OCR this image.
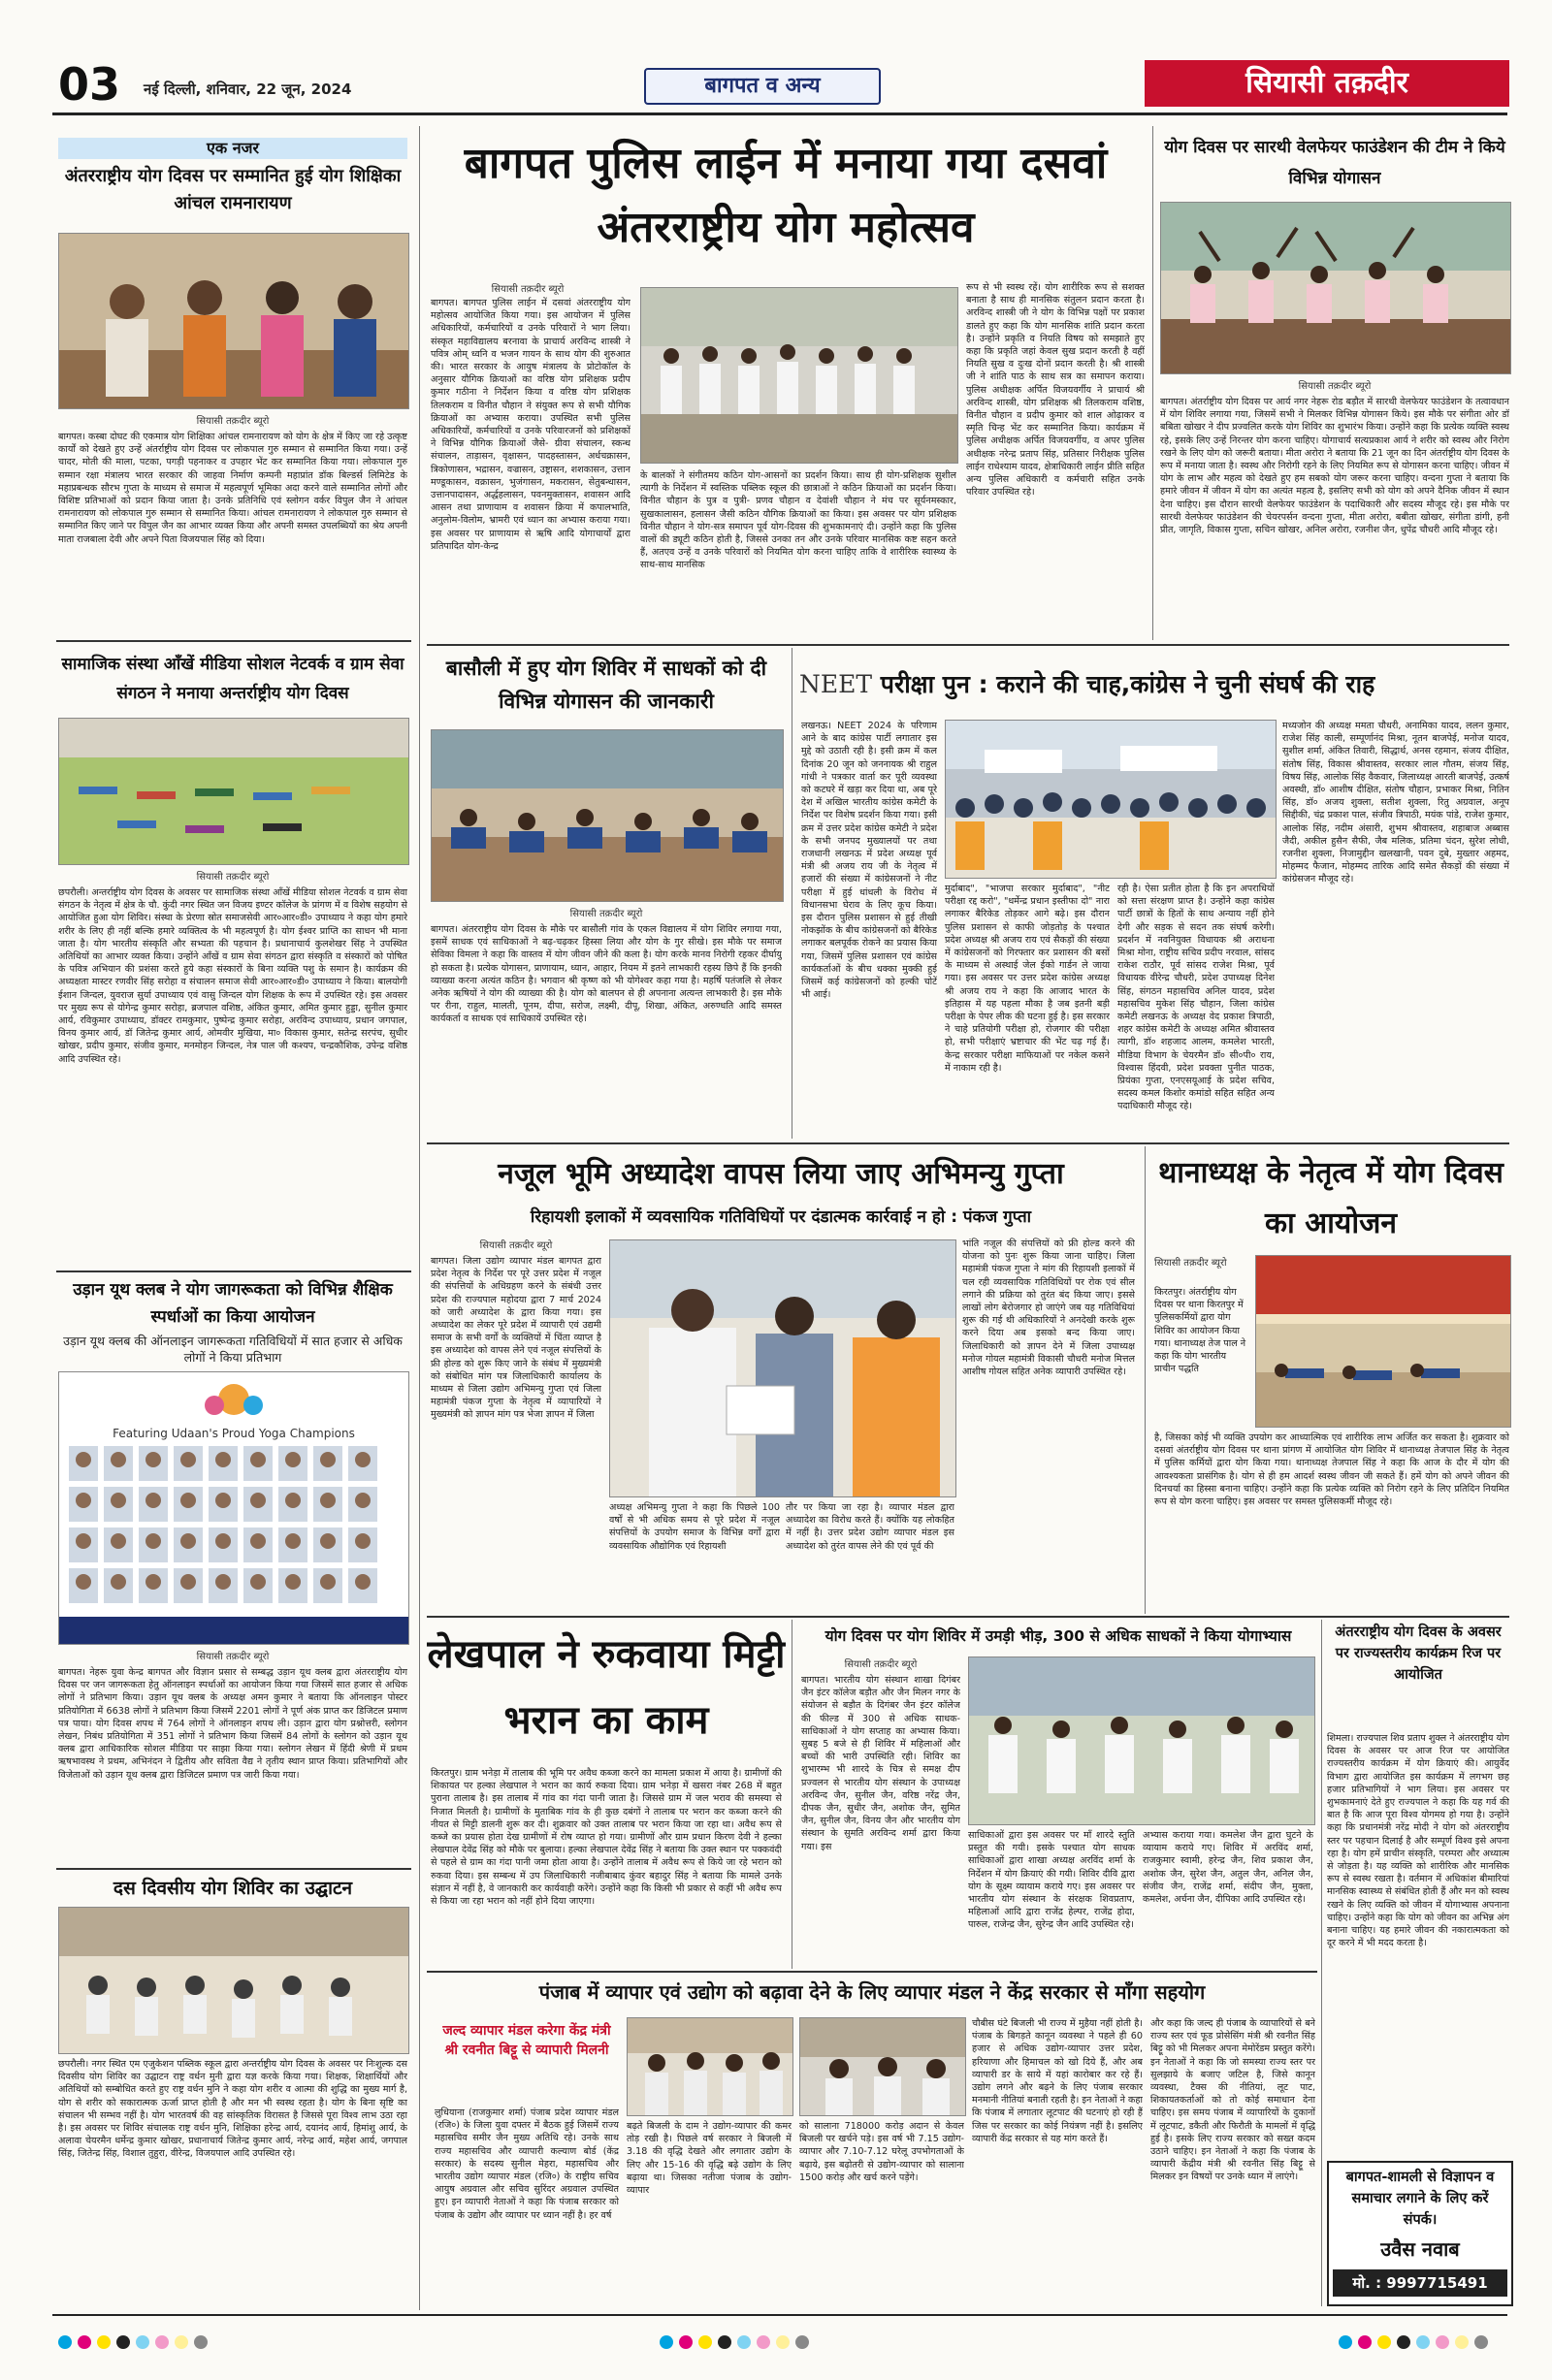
03 नई दिल्ली, शनिवार, 22 जून, 2024	बागपत व अन्य	सियासी तक़दीर
एक नजर
अंतरराष्ट्रीय योग दिवस पर सम्मानित हुई योग शिक्षिका आंचल रामनारायण
सियासी तक़दीर ब्यूरो
बागपत। कस्बा दोघट की एकमात्र योग शिक्षिका आंचल रामनारायण को योग के क्षेत्र में किए जा रहे उत्कृष्ट कार्यों को देखते हुए उन्हें अंतर्राष्ट्रीय योग दिवस पर लोकपाल गुरु सम्मान से सम्मानित किया गया। उन्हें चादर, मोती की माला, पटका, पगड़ी पहनाकर व उपहार भेंट कर सम्मानित किया गया। लोकपाल गुरु सम्मान रक्षा मंत्रालय भारत सरकार की जाहवा निर्माण कम्पनी महाप्रांत डॉक बिल्डर्स लिमिटेड के महाप्रबन्धक सौरभ गुप्ता के माध्यम से समाज में महत्वपूर्ण भूमिका अदा करने वाले सम्मानित लोगों और विशिष्ट प्रतिभाओं को प्रदान किया जाता है। उनके प्रतिनिधि एवं स्लोगन वर्कर विपुल जैन ने आंचल रामनारायण को लोकपाल गुरु सम्मान से सम्मानित किया। आंचल रामनारायण ने लोकपाल गुरु सम्मान से सम्मानित किए जाने पर विपुल जैन का आभार व्यक्त किया और अपनी समस्त उपलब्धियों का श्रेय अपनी माता राजबाला देवी और अपने पिता विजयपाल सिंह को दिया।
सामाजिक संस्था आँखें मीडिया सोशल नेटवर्क व ग्राम सेवा संगठन ने मनाया अन्तर्राष्ट्रीय योग दिवस
सियासी तक़दीर ब्यूरो
छपरौली। अन्तर्राष्ट्रीय योग दिवस के अवसर पर सामाजिक संस्था आँखें मीडिया सोशल नेटवर्क व ग्राम सेवा संगठन के नेतृत्व में क्षेत्र के चौ. कुंदी नगर स्थित जन विजय इण्टर कॉलेज के प्रांगण में व विशेष सहयोग से आयोजित हुआ योग शिविर। संस्था के प्रेरणा स्रोत समाजसेवी आर०आर०डी० उपाध्याय ने कहा योग हमारे शरीर के लिए ही नहीं बल्कि हमारे व्यक्तित्व के भी महत्वपूर्ण है। योग ईश्वर प्राप्ति का साधन भी माना जाता है। योग भारतीय संस्कृति और सभ्यता की पहचान है। प्रधानाचार्य कुलशेखर सिंह ने उपस्थित अतिथियों का आभार व्यक्त किया। उन्होंने आँखें व ग्राम सेवा संगठन द्वारा संस्कृति व संस्कारों को पोषित के पवित्र अभियान की प्रशंसा करते हुये कहा संस्कारों के बिना व्यक्ति पशु के समान है। कार्यक्रम की अध्यक्षता मास्टर रणवीर सिंह सरोहा व संचालन समाज सेवी आर०आर०डी० उपाध्याय ने किया। बालयोगी ईशान जिन्दल, युवराज सुर्या उपाध्याय एवं वासु जिन्दल योग शिक्षक के रूप में उपस्थित रहे। इस अवसर पर मुख्य रूप से योगेन्द्र कुमार सरोहा, ब्रजपाल वशिष्ठ, अंकित कुमार, अमित कुमार हुड्डा, सुनील कुमार आर्य, रविकुमार उपाध्याय, डॉक्टर रामकुमार, पुष्पेन्द्र कुमार सरोहा, अरविन्द उपाध्याय, प्रधान जगपाल, विनय कुमार आर्य, डॉ जितेन्द्र कुमार आर्य, ओमवीर मुखिया, मा० विकास कुमार, सतेन्द्र सरपंच, सुधीर खोखर, प्रदीप कुमार, संजीव कुमार, मनमोहन जिन्दल, नेत्र पाल जी कश्यप, चन्द्रकौशिक, उपेन्द्र वशिष्ठ आदि उपस्थित रहे।
उड़ान यूथ क्लब ने योग जागरूकता को विभिन्न शैक्षिक स्पर्धाओं का किया आयोजन
उड़ान यूथ क्लब की ऑनलाइन जागरूकता गतिविधियों में सात हजार से अधिक लोगों ने किया प्रतिभाग
Featuring Udaan's Proud Yoga Champions
सियासी तक़दीर ब्यूरो
बागपत। नेहरू युवा केन्द्र बागपत और विज्ञान प्रसार से सम्बद्ध उड़ान यूथ क्लब द्वारा अंतरराष्ट्रीय योग दिवस पर जन जागरूकता हेतु ऑनलाइन स्पर्धाओं का आयोजन किया गया जिसमें सात हजार से अधिक लोगों ने प्रतिभाग किया। उड़ान यूथ क्लब के अध्यक्ष अमन कुमार ने बताया कि ऑनलाइन पोस्टर प्रतियोगिता में 6638 लोगों ने प्रतिभाग किया जिसमें 2201 लोगों ने पूर्ण अंक प्राप्त कर डिजिटल प्रमाण पत्र पाया। योग दिवस शपथ में 764 लोगों ने ऑनलाइन शपथ ली। उड़ान द्वारा योग प्रश्नोत्तरी, स्लोगन लेखन, निबंध प्रतियोगिता में 351 लोगों ने प्रतिभाग किया जिसमें 84 लोगों के स्लोगन को उड़ान यूथ क्लब द्वारा आधिकारिक सोशल मीडिया पर साझा किया गया। स्लोगन लेखन में हिंदी श्रेणी में प्रथम ऋषभावस्थ ने प्रथम, अभिनंदन ने द्वितीय और सविता वैद्य ने तृतीय स्थान प्राप्त किया। प्रतिभागियों और विजेताओं को उड़ान यूथ क्लब द्वारा डिजिटल प्रमाण पत्र जारी किया गया।
दस दिवसीय योग शिविर का उद्घाटन
छपरौली। नगर स्थित एम एजुकेशन पब्लिक स्कूल द्वारा अन्तर्राष्ट्रीय योग दिवस के अवसर पर निःशुल्क दस दिवसीय योग शिविर का उद्घाटन राष्ट्र वर्धन मुनी द्वारा यज्ञ करके किया गया। शिक्षक, शिक्षार्थियों और अतिथियों को सम्बोधित करते हुए राष्ट्र वर्धन मुनि ने कहा योग शरीर व आत्मा की शुद्धि का मुख्य मार्ग है, योग से शरीर को सकारात्मक ऊर्जा प्राप्त होती है और मन भी स्वस्थ रहता है। योग के बिना सृष्टि का संचालन भी सम्भव नहीं है। योग भारतवर्ष की वह सांस्कृतिक विरासत है जिससे पूरा विश्व लाभ उठा रहा है। इस अवसर पर शिविर संचालक राष्ट्र वर्धन मुनि, शिक्षिका हरेन्द्र आर्य, दयानंद आर्य, हिमांशु आर्य, के अलावा चेयरमैन धर्मेन्द्र कुमार खोखर, प्रधानाचार्य जितेन्द्र कुमार आर्य, नरेन्द्र आर्य, महेश आर्य, जगपाल सिंह, जितेन्द्र सिंह, विशाल तुहुरा, वीरेन्द्र, विजयपाल आदि उपस्थित रहे।
बागपत पुलिस लाईन में मनाया गया दसवां अंतरराष्ट्रीय योग महोत्सव
सियासी तक़दीर ब्यूरो
बागपत। बागपत पुलिस लाईन में दसवां अंतरराष्ट्रीय योग महोत्सव आयोजित किया गया। इस आयोजन में पुलिस अधिकारियों, कर्मचारियों व उनके परिवारों ने भाग लिया। संस्कृत महाविद्यालय बरनावा के प्राचार्य अरविन्द शास्त्री ने पवित्र ओम् ध्वनि व भजन गायन के साथ योग की शुरुआत की। भारत सरकार के आयुष मंत्रालय के प्रोटोकॉल के अनुसार यौगिक क्रियाओं का वरिष्ठ योग प्रशिक्षक प्रदीप कुमार गठीना ने निर्देशन किया व वरिष्ठ योग प्रशिक्षक तिलकराम व विनीत चौहान ने संयुक्त रूप से सभी यौगिक क्रियाओं का अभ्यास कराया। उपस्थित सभी पुलिस अधिकारियों, कर्मचारियों व उनके परिवारजनों को प्रशिक्षकों ने विभिन्न यौगिक क्रियाओं जैसे- ग्रीवा संचालन, स्कन्ध संचालन, ताड़ासन, वृक्षासन, पादहस्तासन, अर्धचक्रासन, त्रिकोणासन, भद्रासन, वज्रासन, उष्ट्रासन, शशकासन, उत्तान मण्डूकासन, वक्रासन, भुजंगासन, मकरासन, सेतुबन्धासन, उत्तानपादासन, अर्द्धहलासन, पवनमुक्तासन, शवासन आदि आसन तथा प्राणायाम व शवासन क्रिया में कपालभाति, अनुलोम-विलोम, भ्रामरी एवं ध्यान का अभ्यास कराया गया। इस अवसर पर प्राणायाम से ऋषि आदि योगाचार्यों द्वारा प्रतिपादित योग-केन्द्र
के बालकों ने संगीतमय कठिन योग-आसनों का प्रदर्शन किया। साथ ही योग-प्रशिक्षक सुशील त्यागी के निर्देशन में स्वस्तिक पब्लिक स्कूल की छात्राओं ने कठिन क्रियाओं का प्रदर्शन किया। विनीत चौहान के पुत्र व पुत्री- प्रणव चौहान व देवांशी चौहान ने मंच पर सूर्यनमस्कार, सुखकालासन, हलासन जैसी कठिन यौगिक क्रियाओं का किया। इस अवसर पर योग प्रशिक्षक विनीत चौहान ने योग-सत्र समापन पूर्व योग-दिवस की शुभकामनाएं दी। उन्होंने कहा कि पुलिस वालों की ड्यूटी कठिन होती है, जिससे उनका तन और उनके परिवार मानसिक कष्ट सहन करते हैं, अतएव उन्हें व उनके परिवारों को नियमित योग करना चाहिए ताकि वे शारीरिक स्वास्थ्य के साथ-साथ मानसिक
रूप से भी स्वस्थ रहें। योग शारीरिक रूप से सशक्त बनाता है साथ ही मानसिक संतुलन प्रदान करता है। अरविन्द शास्त्री जी ने योग के विभिन्न पक्षों पर प्रकाश डालते हुए कहा कि योग मानसिक शांति प्रदान करता है। उन्होंने प्रकृति व नियति विषय को समझाते हुए कहा कि प्रकृति जहां केवल सुख प्रदान करती है वहीं नियति सुख व दुःख दोनों प्रदान करती है। श्री शास्त्री जी ने शांति पाठ के साथ सत्र का समापन कराया। पुलिस अधीक्षक अर्पित विजयवर्गीय ने प्राचार्य श्री अरविन्द शास्त्री, योग प्रशिक्षक श्री तिलकराम वशिष्ठ, विनीत चौहान व प्रदीप कुमार को शाल ओढ़ाकर व स्मृति चिन्ह भेंट कर सम्मानित किया। कार्यक्रम में पुलिस अधीक्षक अर्पित विजयवर्गीय, व अपर पुलिस अधीक्षक नरेन्द्र प्रताप सिंह, प्रतिसार निरीक्षक पुलिस लाईन राधेश्याम यादव, क्षेत्राधिकारी लाईन प्रीति सहित अन्य पुलिस अधिकारी व कर्मचारी सहित उनके परिवार उपस्थित रहे।
योग दिवस पर सारथी वेलफेयर फाउंडेशन की टीम ने किये विभिन्न योगासन
सियासी तक़दीर ब्यूरो
बागपत। अंतर्राष्ट्रीय योग दिवस पर आर्य नगर नेहरू रोड बड़ौत में सारथी वेलफेयर फाउंडेशन के तत्वावधान में योग शिविर लगाया गया, जिसमें सभी ने मिलकर विभिन्न योगासन किये। इस मौके पर संगीता ओर डॉ बबिता खोखर ने दीप प्रज्वलित करके योग शिविर का शुभारंभ किया। उन्होंने कहा कि प्रत्येक व्यक्ति स्वस्थ रहे, इसके लिए उन्हें निरन्तर योग करना चाहिए। योगाचार्य सत्यप्रकाश आर्य ने शरीर को स्वस्थ और निरोग रखने के लिए योग को जरूरी बताया। मीता अरोरा ने बताया कि 21 जून का दिन अंतर्राष्ट्रीय योग दिवस के रूप में मनाया जाता है। स्वस्थ और निरोगी रहने के लिए नियमित रूप से योगासन करना चाहिए। जीवन में योग के लाभ और महत्व को देखते हुए हम सबको योग जरूर करना चाहिए। वन्दना गुप्ता ने बताया कि हमारे जीवन में जीवन में योग का अत्यंत महत्व है, इसलिए सभी को योग को अपने दैनिक जीवन में स्थान देना चाहिए। इस दौरान सारथी वेलफेयर फाउंडेशन के पदाधिकारी और सदस्य मौजूद रहे। इस मौके पर सारथी वेलफेयर फाउंडेशन की चेयरपर्सन वन्दना गुप्ता, मीता अरोरा, बबीता खोखर, संगीता डांगी, हनी प्रीत, जागृति, विकास गुप्ता, सचिन खोखर, अनिल अरोरा, रजनीश जैन, धुपेंद्र चौधरी आदि मौजूद रहे।
बासौली में हुए योग शिविर में साधकों को दी विभिन्न योगासन की जानकारी
सियासी तक़दीर ब्यूरो
बागपत। अंतरराष्ट्रीय योग दिवस के मौके पर बासौली गांव के एकल विद्यालय में योग शिविर लगाया गया, इसमें साधक एवं साधिकाओं ने बढ़-चढ़कर हिस्सा लिया और योग के गुर सीखे। इस मौके पर समाज सेविका विमला ने कहा कि वास्तव में योग जीवन जीने की कला है। योग करके मानव निरोगी रहकर दीर्घायु हो सकता है। प्रत्येक योगासन, प्राणायाम, ध्यान, आहार, नियम में इतने लाभकारी रहस्य छिपे हैं कि इनकी व्याख्या करना अत्यंत कठिन है। भगवान श्री कृष्ण को भी योगेश्वर कहा गया है। महर्षि पतंजलि से लेकर अनेक ऋषियों ने योग की व्याख्या की है। योग को बालपन से ही अपनाना अत्यन्त लाभकारी है। इस मौके पर रीना, राहुल, मालती, पूनम, दीपा, सरोज, लक्ष्मी, दीपू, शिखा, अंकित, अरुण्धति आदि समस्त कार्यकर्ता व साधक एवं साधिकायें उपस्थित रहे।
NEET परीक्षा पुन : कराने की चाह,कांग्रेस ने चुनी संघर्ष की राह
लखनऊ। NEET 2024 के परिणाम आने के बाद कांग्रेस पार्टी लगातार इस मुद्दे को उठाती रही है। इसी क्रम में कल दिनांक 20 जून को जननायक श्री राहुल गांधी ने पत्रकार वार्ता कर पूरी व्यवस्था को कटघरे में खड़ा कर दिया था, अब पूरे देश में अखिल भारतीय कांग्रेस कमेटी के निर्देश पर विशेष प्रदर्शन किया गया। इसी क्रम में उत्तर प्रदेश कांग्रेस कमेटी ने प्रदेश के सभी जनपद मुख्यालयों पर तथा राजधानी लखनऊ में प्रदेश अध्यक्ष पूर्व मंत्री श्री अजय राय जी के नेतृत्व में हजारों की संख्या में कांग्रेसजनों ने नीट परीक्षा में हुई धांधली के विरोध में विधानसभा घेराव के लिए कूच किया। इस दौरान पुलिस प्रशासन से हुई तीखी नोकझोंक के बीच कांग्रेसजनों को बैरिकेड लगाकर बलपूर्वक रोकने का प्रयास किया गया, जिसमें पुलिस प्रशासन एवं कांग्रेस कार्यकर्ताओं के बीच धक्का मुक्की हुई जिसमें कई कांग्रेसजनों को हल्की चोटें भी आई।
मुर्दाबाद", "भाजपा सरकार मुर्दाबाद", "नीट परीक्षा रद्द करो", "धर्मेन्द्र प्रधान इस्तीफा दो" नारा लगाकर बैरिकेड तोड़कर आगे बढ़े। इस दौरान पुलिस प्रशासन से काफी जोड़तोड़ के पश्चात प्रदेश अध्यक्ष श्री अजय राय एवं सैकड़ों की संख्या में कांग्रेसजनों को गिरफ्तार कर प्रशासन की बसों के माध्यम से अस्थाई जेल ईको गार्डन ले जाया गया। इस अवसर पर उत्तर प्रदेश कांग्रेस अध्यक्ष श्री अजय राय ने कहा कि आजाद भारत के इतिहास में यह पहला मौका है जब इतनी बड़ी परीक्षा के पेपर लीक की घटना हुई है। इस सरकार ने चाहे प्रतियोगी परीक्षा हो, रोजगार की परीक्षा हो, सभी परीक्षाएं भ्रष्टाचार की भेंट चढ़ गई हैं। केन्द्र सरकार परीक्षा माफियाओं पर नकेल कसने में नाकाम रही है।
रही है। ऐसा प्रतीत होता है कि इन अपराधियों को सत्ता संरक्षण प्राप्त है। उन्होंने कहा कांग्रेस पार्टी छात्रों के हितों के साथ अन्याय नहीं होने देगी और सड़क से सदन तक संघर्ष करेगी। प्रदर्शन में नवनियुक्त विधायक श्री अराधना मिश्रा मोना, राष्ट्रीय सचिव प्रदीप नरवाल, सांसद राकेश राठौर, पूर्व सांसद राजेश मिश्रा, पूर्व विधायक वीरेन्द्र चौधरी, प्रदेश उपाध्यक्ष दिनेश सिंह, संगठन महासचिव अनिल यादव, प्रदेश महासचिव मुकेश सिंह चौहान, जिला कांग्रेस कमेटी लखनऊ के अध्यक्ष वेद प्रकाश त्रिपाठी, शहर कांग्रेस कमेटी के अध्यक्ष अमित श्रीवास्तव त्यागी, डॉ० शहजाद आलम, कमलेश भारती, मीडिया विभाग के चेयरमैन डॉ० सी०पी० राय, विश्वास हिंदवी, प्रदेश प्रवक्ता पुनीत पाठक, प्रियंका गुप्ता, एनएसयूआई के प्रदेश सचिव, सदस्य कमल किशोर कमांडो सहित सहित अन्य पदाधिकारी मौजूद रहे।
मध्यजोन की अध्यक्ष ममता चौधरी, अनामिका यादव, ललन कुमार, राजेश सिंह काली, सम्पूर्णानंद मिश्रा, नूतन बाजपेई, मनोज यादव, सुशील शर्मा, अंकित तिवारी, सिद्धार्थ, अनस रहमान, संजय दीक्षित, संतोष सिंह, विकास श्रीवास्तव, सरकार लाल गौतम, संजय सिंह, विषय सिंह, आलोक सिंह वैकवार, जिलाध्यक्ष आरती बाजपेई, उत्कर्ष अवस्थी, डॉ० आशीष दीक्षित, संतोष चौहान, प्रभाकर मिश्रा, नितिन सिंह, डॉ० अजय शुक्ला, सतीश शुक्ला, रितु अग्रवाल, अनूप सिद्दीकी, चंद्र प्रकाश पाल, संजीव त्रिपाठी, मयंक पांडे, राजेश कुमार, आलोक सिंह, नदीम अंसारी, शुभम श्रीवास्तव, शहाबाज अब्बास जैदी, अकील हुसैन सैफी, जैब मलिक, प्रतिमा चंदन, सुरेश लोधी, रजनीश शुक्ला, निजामुद्दीन खलखानी, पवन दुबे, मुख्तार अहमद, मोहम्मद फैजान, मोहम्मद तारिक आदि समेत सैकड़ों की संख्या में कांग्रेसजन मौजूद रहे।
नजूल भूमि अध्यादेश वापस लिया जाए अभिमन्यु गुप्ता
रिहायशी इलाकों में व्यवसायिक गतिविधियों पर दंडात्मक कार्रवाई न हो : पंकज गुप्ता
सियासी तक़दीर ब्यूरो
बागपत। जिला उद्योग व्यापार मंडल बागपत द्वारा प्रदेश नेतृत्व के निर्देश पर पूरे उत्तर प्रदेश में नजूल की संपत्तियों के अधिग्रहण करने के संबंधी उत्तर प्रदेश की राज्यपाल महोदया द्वारा 7 मार्च 2024 को जारी अध्यादेश के द्वारा किया गया। इस अध्यादेश का लेकर पूरे प्रदेश में व्यापारी एवं उद्यमी समाज के सभी वर्गों के व्यक्तियों में चिंता व्याप्त है इस अध्यादेश को वापस लेने एवं नजूल संपत्तियों के फ्री होल्ड को शुरू किए जाने के संबंध में मुख्यमंत्री को संबोधित मांग पत्र जिलाधिकारी कार्यालय के माध्यम से जिला उद्योग अभिमन्यु गुप्ता एवं जिला महामंत्री पंकज गुप्ता के नेतृत्व में व्यापारियों ने मुख्यमंत्री को ज्ञापन मांग पत्र भेजा ज्ञापन में जिला
अध्यक्ष अभिमन्यु गुप्ता ने कहा कि पिछले 100 वर्षों से भी अधिक समय से पूरे प्रदेश में नजूल संपत्तियों के उपयोग समाज के विभिन्न वर्गों द्वारा व्यवसायिक औद्योगिक एवं रिहायशी
तौर पर किया जा रहा है। व्यापार मंडल द्वारा अध्यादेश का विरोध करते हैं। क्योंकि यह लोकहित में नहीं है। उत्तर प्रदेश उद्योग व्यापार मंडल इस अध्यादेश को तुरंत वापस लेने की एवं पूर्व की
भांति नजूल की संपत्तियों को फ्री होल्ड करने की योजना को पुनः शुरू किया जाना चाहिए। जिला महामंत्री पंकज गुप्ता ने मांग की रिहायशी इलाकों में चल रही व्यवसायिक गतिविधियों पर रोक एवं सील लगाने की प्रक्रिया को तुरंत बंद किया जाए। इससे लाखों लोग बेरोजगार हो जाएंगे जब यह गतिविधियां शुरू की गई थी अधिकारियों ने अनदेखी करके शुरू करने दिया अब इसको बन्द किया जाए। जिलाधिकारी को ज्ञापन देने में जिला उपाध्यक्ष मनोज गोयल महामंत्री विकासी चौधरी मनोज मित्तल आशीष गोयल सहित अनेक व्यापारी उपस्थित रहे।
थानाध्यक्ष के नेतृत्व में योग दिवस का आयोजन
सियासी तक़दीर ब्यूरो
किरतपुर। अंतर्राष्ट्रीय योग दिवस पर थाना किरतपुर में पुलिसकर्मियों द्वारा योग शिविर का आयोजन किया गया। थानाध्यक्ष तेज पाल ने कहा कि योग भारतीय प्राचीन पद्धति
है, जिसका कोई भी व्यक्ति उपयोग कर आध्यात्मिक एवं शारीरिक लाभ अर्जित कर सकता है। शुक्रवार को दसवां अंतर्राष्ट्रीय योग दिवस पर थाना प्रांगण में आयोजित योग शिविर में थानाध्यक्ष तेजपाल सिंह के नेतृत्व में पुलिस कर्मियों द्वारा योग किया गया। थानाध्यक्ष तेजपाल सिंह ने कहा कि आज के दौर में योग की आवश्यकता प्रासंगिक है। योग से ही हम आदर्श स्वस्थ जीवन जी सकते हैं। हमें योग को अपने जीवन की दिनचर्या का हिस्सा बनाना चाहिए। उन्होंने कहा कि प्रत्येक व्यक्ति को निरोग रहने के लिए प्रतिदिन नियमित रूप से योग करना चाहिए। इस अवसर पर समस्त पुलिसकर्मी मौजूद रहे।
लेखपाल ने रुकवाया मिट्टी भरान का काम
किरतपुर। ग्राम भनेड़ा में तालाब की भूमि पर अवैध कब्जा करने का मामला प्रकाश में आया है। ग्रामीणों की शिकायत पर हल्का लेखपाल ने भरान का कार्य रुकवा दिया। ग्राम भनेड़ा में खसरा नंबर 268 में बहुत पुराना तालाब है। इस तालाब में गांव का गंदा पानी जाता है। जिससे ग्राम में जल भराव की समस्या से निजात मिलती है। ग्रामीणों के मुताबिक गांव के ही कुछ दबंगों ने तालाब पर भरान कर कब्जा करने की नीयत से मिट्टी डालनी शुरू कर दी। शुक्रवार को उक्त तालाब पर भरान किया जा रहा था। अवैध रूप से कब्जे का प्रयास होता देख ग्रामीणों में रोष व्याप्त हो गया। ग्रामीणों और ग्राम प्रधान किरण देवी ने हल्का लेखपाल देवेंद्र सिंह को मौके पर बुलाया। हल्का लेखपाल देवेंद्र सिंह ने बताया कि उक्त स्थान पर पक्कवंदी से पहले से ग्राम का गंदा पानी जमा होता आया है। उन्होंने तालाब में अवैध रूप से किये जा रहे भरान को रुकवा दिया। इस सम्बन्ध में उप जिलाधिकारी नजीबाबाद कुंवर बहादुर सिंह ने बताया कि मामले उनके संज्ञान में नहीं है, वे जानकारी कर कार्यवाही करेंगे। उन्होंने कहा कि किसी भी प्रकार से कहीं भी अवैध रूप से किया जा रहा भरान को नहीं होने दिया जाएगा।
योग दिवस पर योग शिविर में उमड़ी भीड़, 300 से अधिक साधकों ने किया योगाभ्यास
सियासी तक़दीर ब्यूरो
बागपत। भारतीय योग संस्थान शाखा दिगंबर जैन इंटर कॉलेज बड़ौत और जैन मिलन नगर के संयोजन से बड़ौत के दिगंबर जैन इंटर कॉलेज की फील्ड में 300 से अधिक साधक-साधिकाओं ने योग सप्ताह का अभ्यास किया। सुबह 5 बजे से ही शिविर में महिलाओं और बच्चों की भारी उपस्थिति रही। शिविर का शुभारम्भ भी शारदे के चित्र से समक्ष दीप प्रज्वलन से भारतीय योग संस्थान के उपाध्यक्ष अरविन्द जैन, सुनील जैन, वरिष्ठ नरेंद्र जैन, दीपक जैन, सुधीर जैन, अशोक जैन, सुमित जैन, सुनील जैन, विनय जैन और भारतीय योग संस्थान के सुमति अरविन्द शर्मा द्वारा किया गया। इस
साधिकाओं द्वारा इस अवसर पर माँ शारदे स्तुति प्रस्तुत की गयी। इसके पश्चात योग साधक साधिकाओं द्वारा शाखा अध्यक्ष अरविंद शर्मा के निर्देशन में योग क्रियाएं की गयी। शिविर दीवि द्वारा योग के सूक्ष्म व्यायाम कराये गए। इस अवसर पर भारतीय योग संस्थान के संरक्षक शिवप्रताप, महिलाओं आदि द्वारा राजेंद्र हेल्पर, राजेंद्र होदा, पारुल, राजेन्द्र जैन, सुरेन्द्र जैन आदि उपस्थित रहे।
अभ्यास कराया गया। कमलेश जैन द्वारा घुटने के व्यायाम कराये गए। शिविर में अरविंद शर्मा, राजकुमार स्वामी, हरेन्द्र जैन, शिव प्रकाश जैन, अशोक जैन, सुरेश जैन, अतुल जैन, अनिल जैन, संजीव जैन, राजेंद्र शर्मा, संदीप जैन, मुक्ता, कमलेश, अर्चना जैन, दीपिका आदि उपस्थित रहे।
अंतरराष्ट्रीय योग दिवस के अवसर पर राज्यस्तरीय कार्यक्रम रिज पर आयोजित
शिमला। राज्यपाल शिव प्रताप शुक्ल ने अंतरराष्ट्रीय योग दिवस के अवसर पर आज रिज पर आयोजित राज्यस्तरीय कार्यक्रम में योग क्रियाएं की। आयुर्वेद विभाग द्वारा आयोजित इस कार्यक्रम में लगभग छह हजार प्रतिभागियों ने भाग लिया। इस अवसर पर शुभकामनाएं देते हुए राज्यपाल ने कहा कि यह गर्व की बात है कि आज पूरा विश्व योगमय हो गया है। उन्होंने कहा कि प्रधानमंत्री नरेंद्र मोदी ने योग को अंतरराष्ट्रीय स्तर पर पहचान दिलाई है और सम्पूर्ण विश्व इसे अपना रहा है। योग हमें प्राचीन संस्कृति, परम्परा और अध्यात्म से जोड़ता है। यह व्यक्ति को शारीरिक और मानसिक रूप से स्वस्थ रखता है। वर्तमान में अधिकांश बीमारियां मानसिक स्वास्थ्य से संबंधित होती हैं और मन को स्वस्थ रखने के लिए व्यक्ति को जीवन में योगाभ्यास अपनाना चाहिए। उन्होंने कहा कि योग को जीवन का अभिन्न अंग बनाना चाहिए। यह हमारे जीवन की नकारात्मकता को दूर करने में भी मदद करता है।
पंजाब में व्यापार एवं उद्योग को बढ़ावा देने के लिए व्यापार मंडल ने केंद्र सरकार से माँगा सहयोग
जल्द व्यापार मंडल करेगा केंद्र मंत्री श्री रवनीत बिट्टू से व्यापारी मिलनी
लुधियाना (राजकुमार शर्मा) पंजाब प्रदेश व्यापार मंडल (रजि०) के जिला युवा दफ्तर में बैठक हुई जिसमें राज्य महासचिव समीर जैन मुख्य अतिथि रहे। उनके साथ राज्य महासचिव और व्यापारी कल्याण बोर्ड (केंद्र सरकार) के सदस्य सुनील मेहरा, महासचिव और भारतीय उद्योग व्यापार मंडल (रजि०) के राष्ट्रीय सचिव आयुष अग्रवाल और सचिव सुरिंदर अग्रवाल उपस्थित हुए। इन व्यापारी नेताओं ने कहा कि पंजाब सरकार को पंजाब के उद्योग और व्यापार पर ध्यान नहीं है। हर वर्ष
बढ़ते बिजली के दाम ने उद्योग-व्यापार की कमर तोड़ रखी है। पिछले वर्ष सरकार ने बिजली में 3.18 की वृद्धि देखते और लगातार उद्योग के लिए और 15-16 की वृद्धि बढ़े उद्योग के लिए बढ़ाया था। जिसका नतीजा पंजाब के उद्योग-व्यापार
को सालाना 718000 करोड़ अदान से केवल बिजली पर खर्चने पड़े। इस वर्ष भी 7.15 उद्योग-व्यापार और 7.10-7.12 घरेलू उपभोगताओं के बढ़ाये, इस बढ़ोतरी से उद्योग-व्यापार को सालाना 1500 करोड़ और खर्च करने पड़ेंगे।
चौबीस घंटे बिजली भी राज्य में मुहैया नहीं होती है। पंजाब के बिगड़ते कानून व्यवस्था ने पहले ही 60 हजार से अधिक उद्योग-व्यापार उत्तर प्रदेश, हरियाणा और हिमाचल को खो दिये हैं, और अब व्यापारी डर के साये में यहां कारोबार कर रहे हैं। उद्योग लगने और बढ़ने के लिए पंजाब सरकार मनमानी नीतियां बनाती रहती है। इन नेताओं ने कहा कि पंजाब में लगातार लूटपाट की घटनाएं हो रही हैं जिस पर सरकार का कोई नियंत्रण नहीं है। इसलिए व्यापारी केंद्र सरकार से यह मांग करते हैं।
और कहा कि जल्द ही पंजाब के व्यापारियों से बने राज्य स्तर एवं फूड प्रोसेसिंग मंत्री श्री रवनीत सिंह बिट्टू को भी मिलकर अपना मेमोरेंडम प्रस्तुत करेंगे। इन नेताओं ने कहा कि जो समस्या राज्य स्तर पर सुलझाये के बजाए जटिल है, जिसे कानून व्यवस्था, टैक्स की नीतियां, लूट पाट, शिकायतकर्ताओं को तो कोई समाधान देना चाहिए। इस समय पंजाब में व्यापारियों के दुकानों में लूटपाट, डकैती और फिरौती के मामलों में वृद्धि हुई है। इसके लिए राज्य सरकार को सख्त कदम उठाने चाहिए। इन नेताओं ने कहा कि पंजाब के व्यापारी केंद्रीय मंत्री श्री रवनीत सिंह बिट्टू से मिलकर इन विषयों पर उनके ध्यान में लाएंगे।	बागपत-शामली से विज्ञापन व समाचार लगाने के लिए करें संपर्क।
उवैस नवाब
मो. : 9997715491
